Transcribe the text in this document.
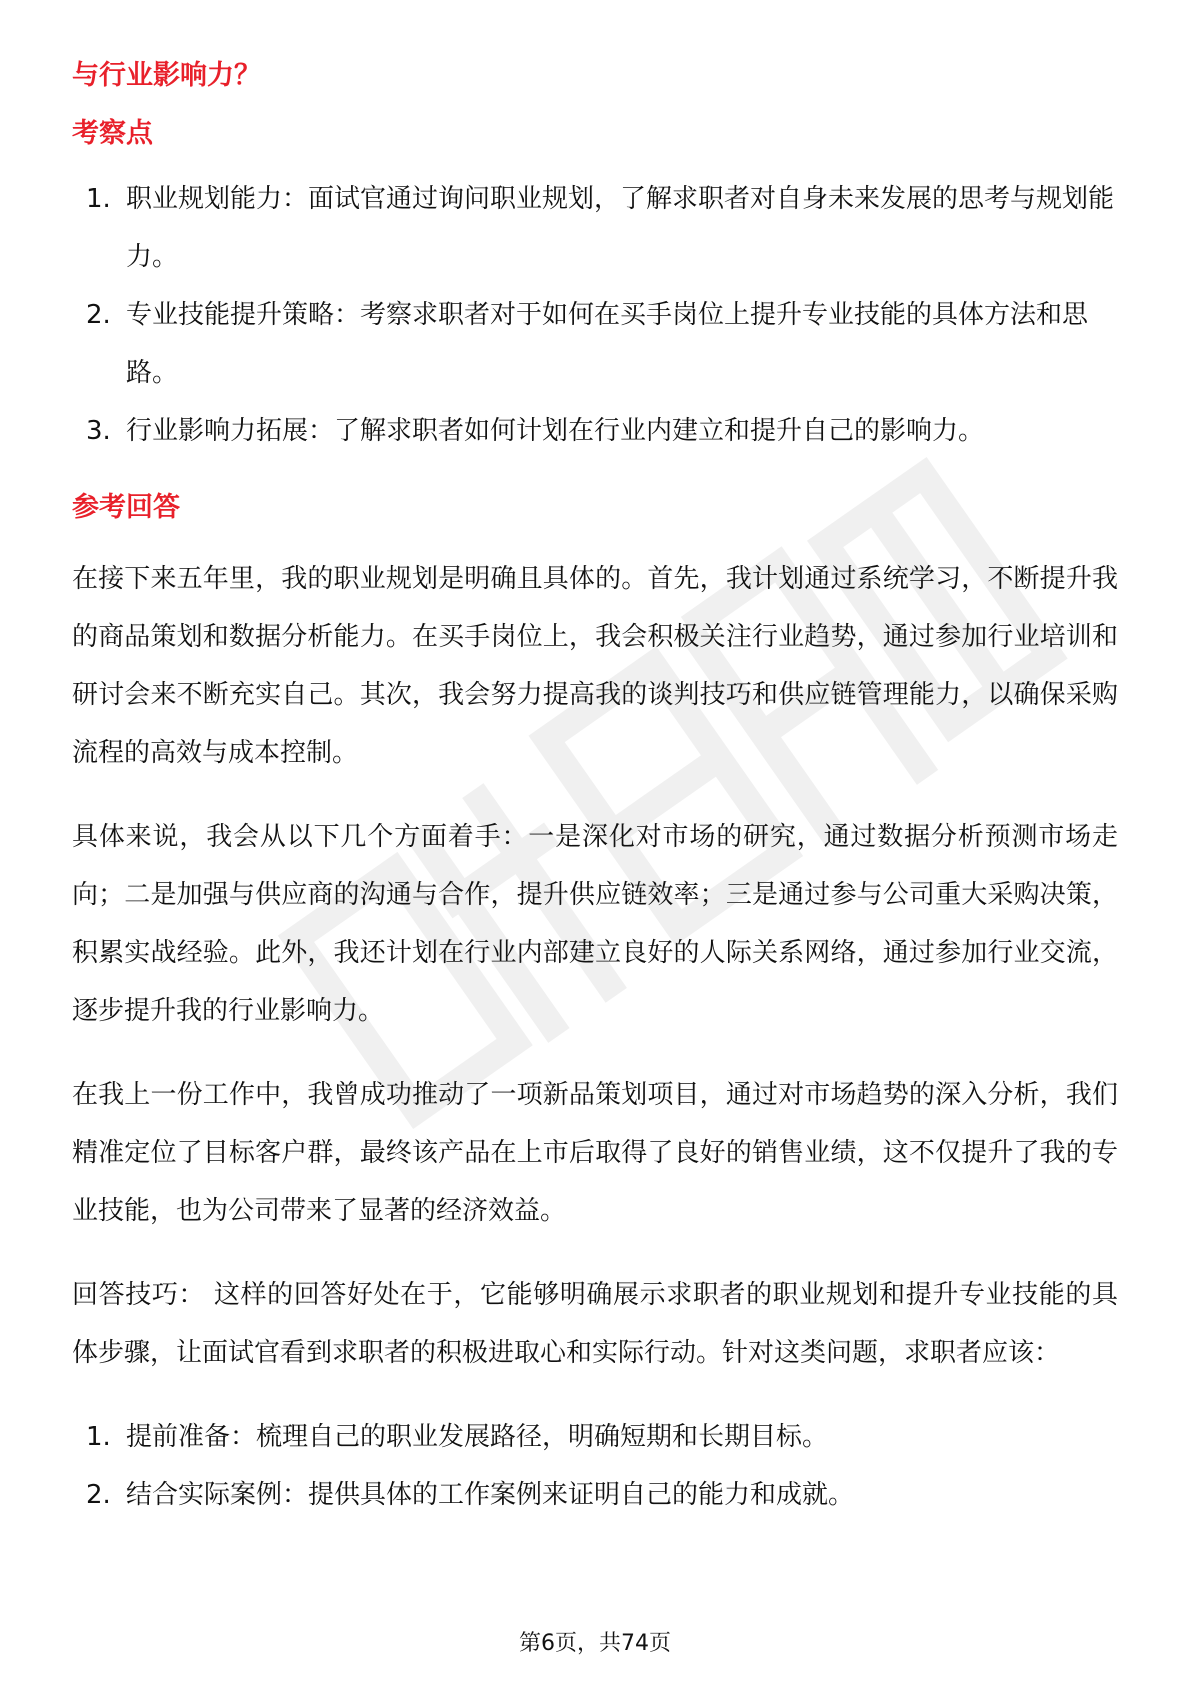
与行业影响力？
考察点
1. 职业规划能力：面试官通过询问职业规划，了解求职者对自身未来发展的思考与规划能力。
2. 专业技能提升策略：考察求职者对于如何在买手岗位上提升专业技能的具体方法和思路。
3. 行业影响力拓展：了解求职者如何计划在行业内建立和提升自己的影响力。
参考回答

在接下来五年里，我的职业规划是明确且具体的。首先，我计划通过系统学习，不断提升我的商品策划和数据分析能力。在买手岗位上，我会积极关注行业趋势，通过参加行业培训和研讨会来不断充实自己。其次，我会努力提高我的谈判技巧和供应链管理能力，以确保采购流程的高效与成本控制。

具体来说，我会从以下几个方面着手：一是深化对市场的研究，通过数据分析预测市场走向；二是加强与供应商的沟通与合作，提升供应链效率；三是通过参与公司重大采购决策，积累实战经验。此外，我还计划在行业内部建立良好的人际关系网络，通过参加行业交流，逐步提升我的行业影响力。

在我上一份工作中，我曾成功推动了一项新品策划项目，通过对市场趋势的深入分析，我们精准定位了目标客户群，最终该产品在上市后取得了良好的销售业绩，这不仅提升了我的专业技能，也为公司带来了显著的经济效益。

回答技巧： 这样的回答好处在于，它能够明确展示求职者的职业规划和提升专业技能的具体步骤，让面试官看到求职者的积极进取心和实际行动。针对这类问题，求职者应该：

1. 提前准备：梳理自己的职业发展路径，明确短期和长期目标。
2. 结合实际案例：提供具体的工作案例来证明自己的能力和成就。
第6页，共74页
